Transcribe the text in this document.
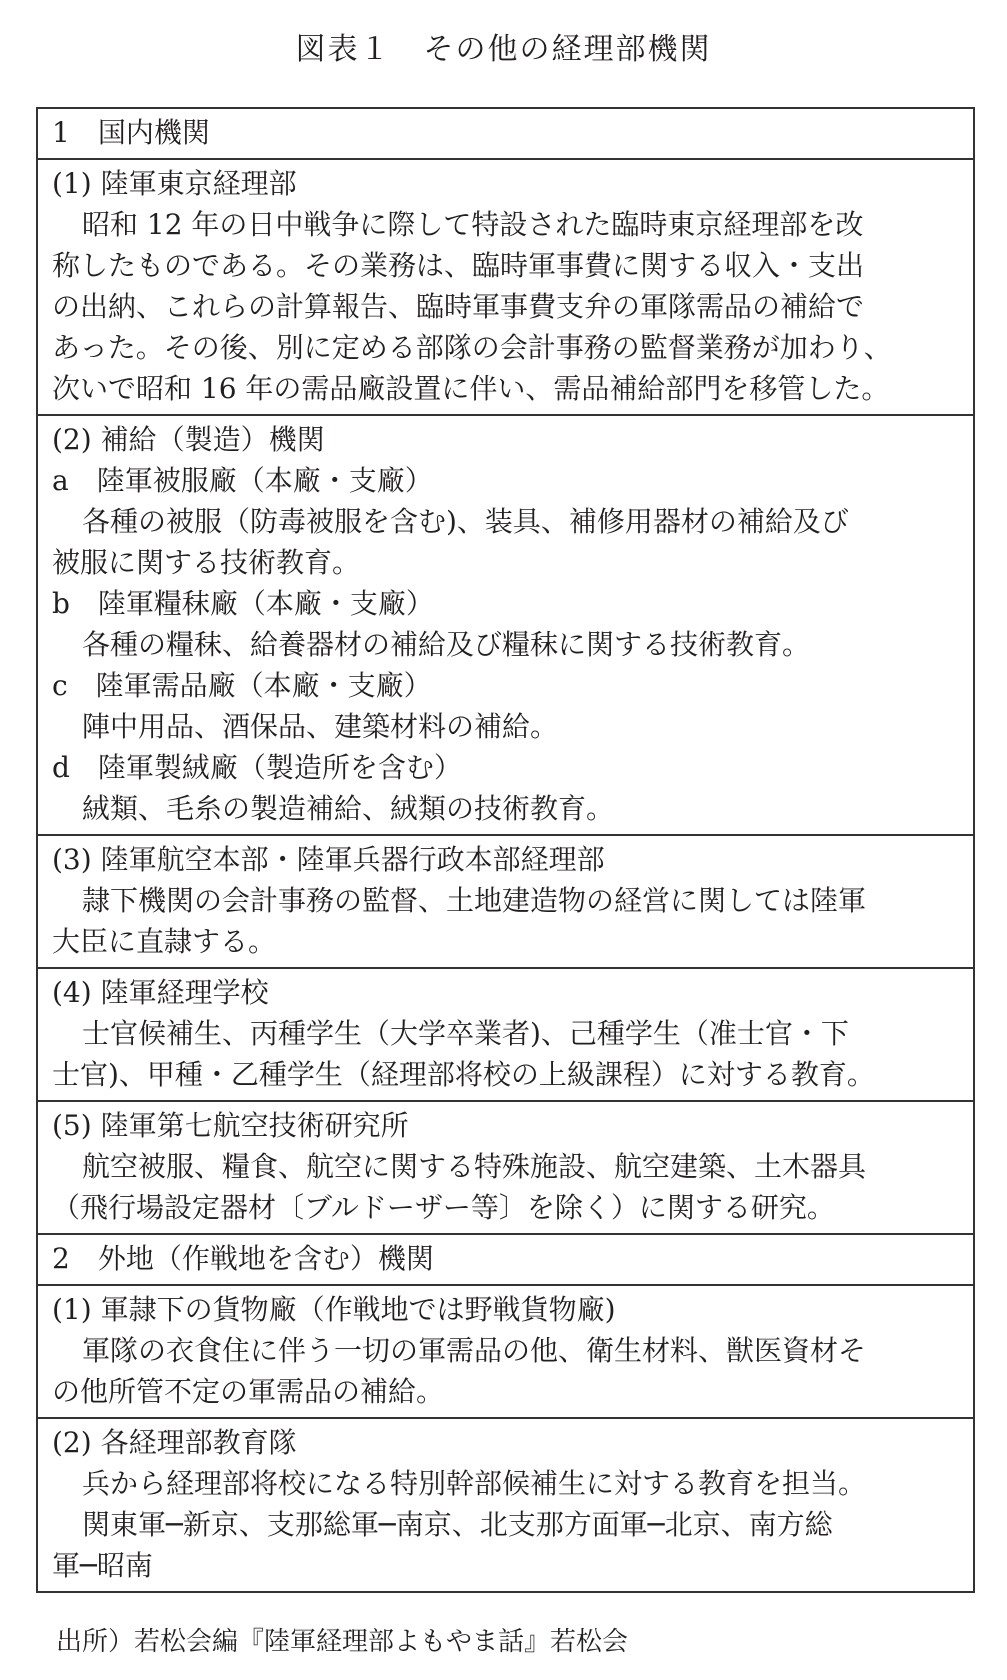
図表１　その他の経理部機関
1　国内機関
(1) 陸軍東京経理部
昭和 12 年の日中戦争に際して特設された臨時東京経理部を改
称したものである。その業務は、臨時軍事費に関する収入・支出
の出納、これらの計算報告、臨時軍事費支弁の軍隊需品の補給で
あった。その後、別に定める部隊の会計事務の監督業務が加わり、
次いで昭和 16 年の需品廠設置に伴い、需品補給部門を移管した。
(2) 補給（製造）機関
a　陸軍被服廠（本廠・支廠）
各種の被服（防毒被服を含む)、装具、補修用器材の補給及び
被服に関する技術教育。
b　陸軍糧秣廠（本廠・支廠）
各種の糧秣、給養器材の補給及び糧秣に関する技術教育。
c　陸軍需品廠（本廠・支廠）
陣中用品、酒保品、建築材料の補給。
d　陸軍製絨廠（製造所を含む）
絨類、毛糸の製造補給、絨類の技術教育。
(3) 陸軍航空本部・陸軍兵器行政本部経理部
隷下機関の会計事務の監督、土地建造物の経営に関しては陸軍
大臣に直隷する。
(4) 陸軍経理学校
士官候補生、丙種学生（大学卒業者)、己種学生（准士官・下
士官)、甲種・乙種学生（経理部将校の上級課程）に対する教育。
(5) 陸軍第七航空技術研究所
航空被服、糧食、航空に関する特殊施設、航空建築、土木器具
（飛行場設定器材〔ブルドーザー等〕を除く）に関する研究。
2　外地（作戦地を含む）機関
(1) 軍隷下の貨物廠（作戦地では野戦貨物廠)
軍隊の衣食住に伴う一切の軍需品の他、衛生材料、獣医資材そ
の他所管不定の軍需品の補給。
(2) 各経理部教育隊
兵から経理部将校になる特別幹部候補生に対する教育を担当。
関東軍─新京、支那総軍─南京、北支那方面軍─北京、南方総
軍─昭南
出所）若松会編『陸軍経理部よもやま話』若松会
